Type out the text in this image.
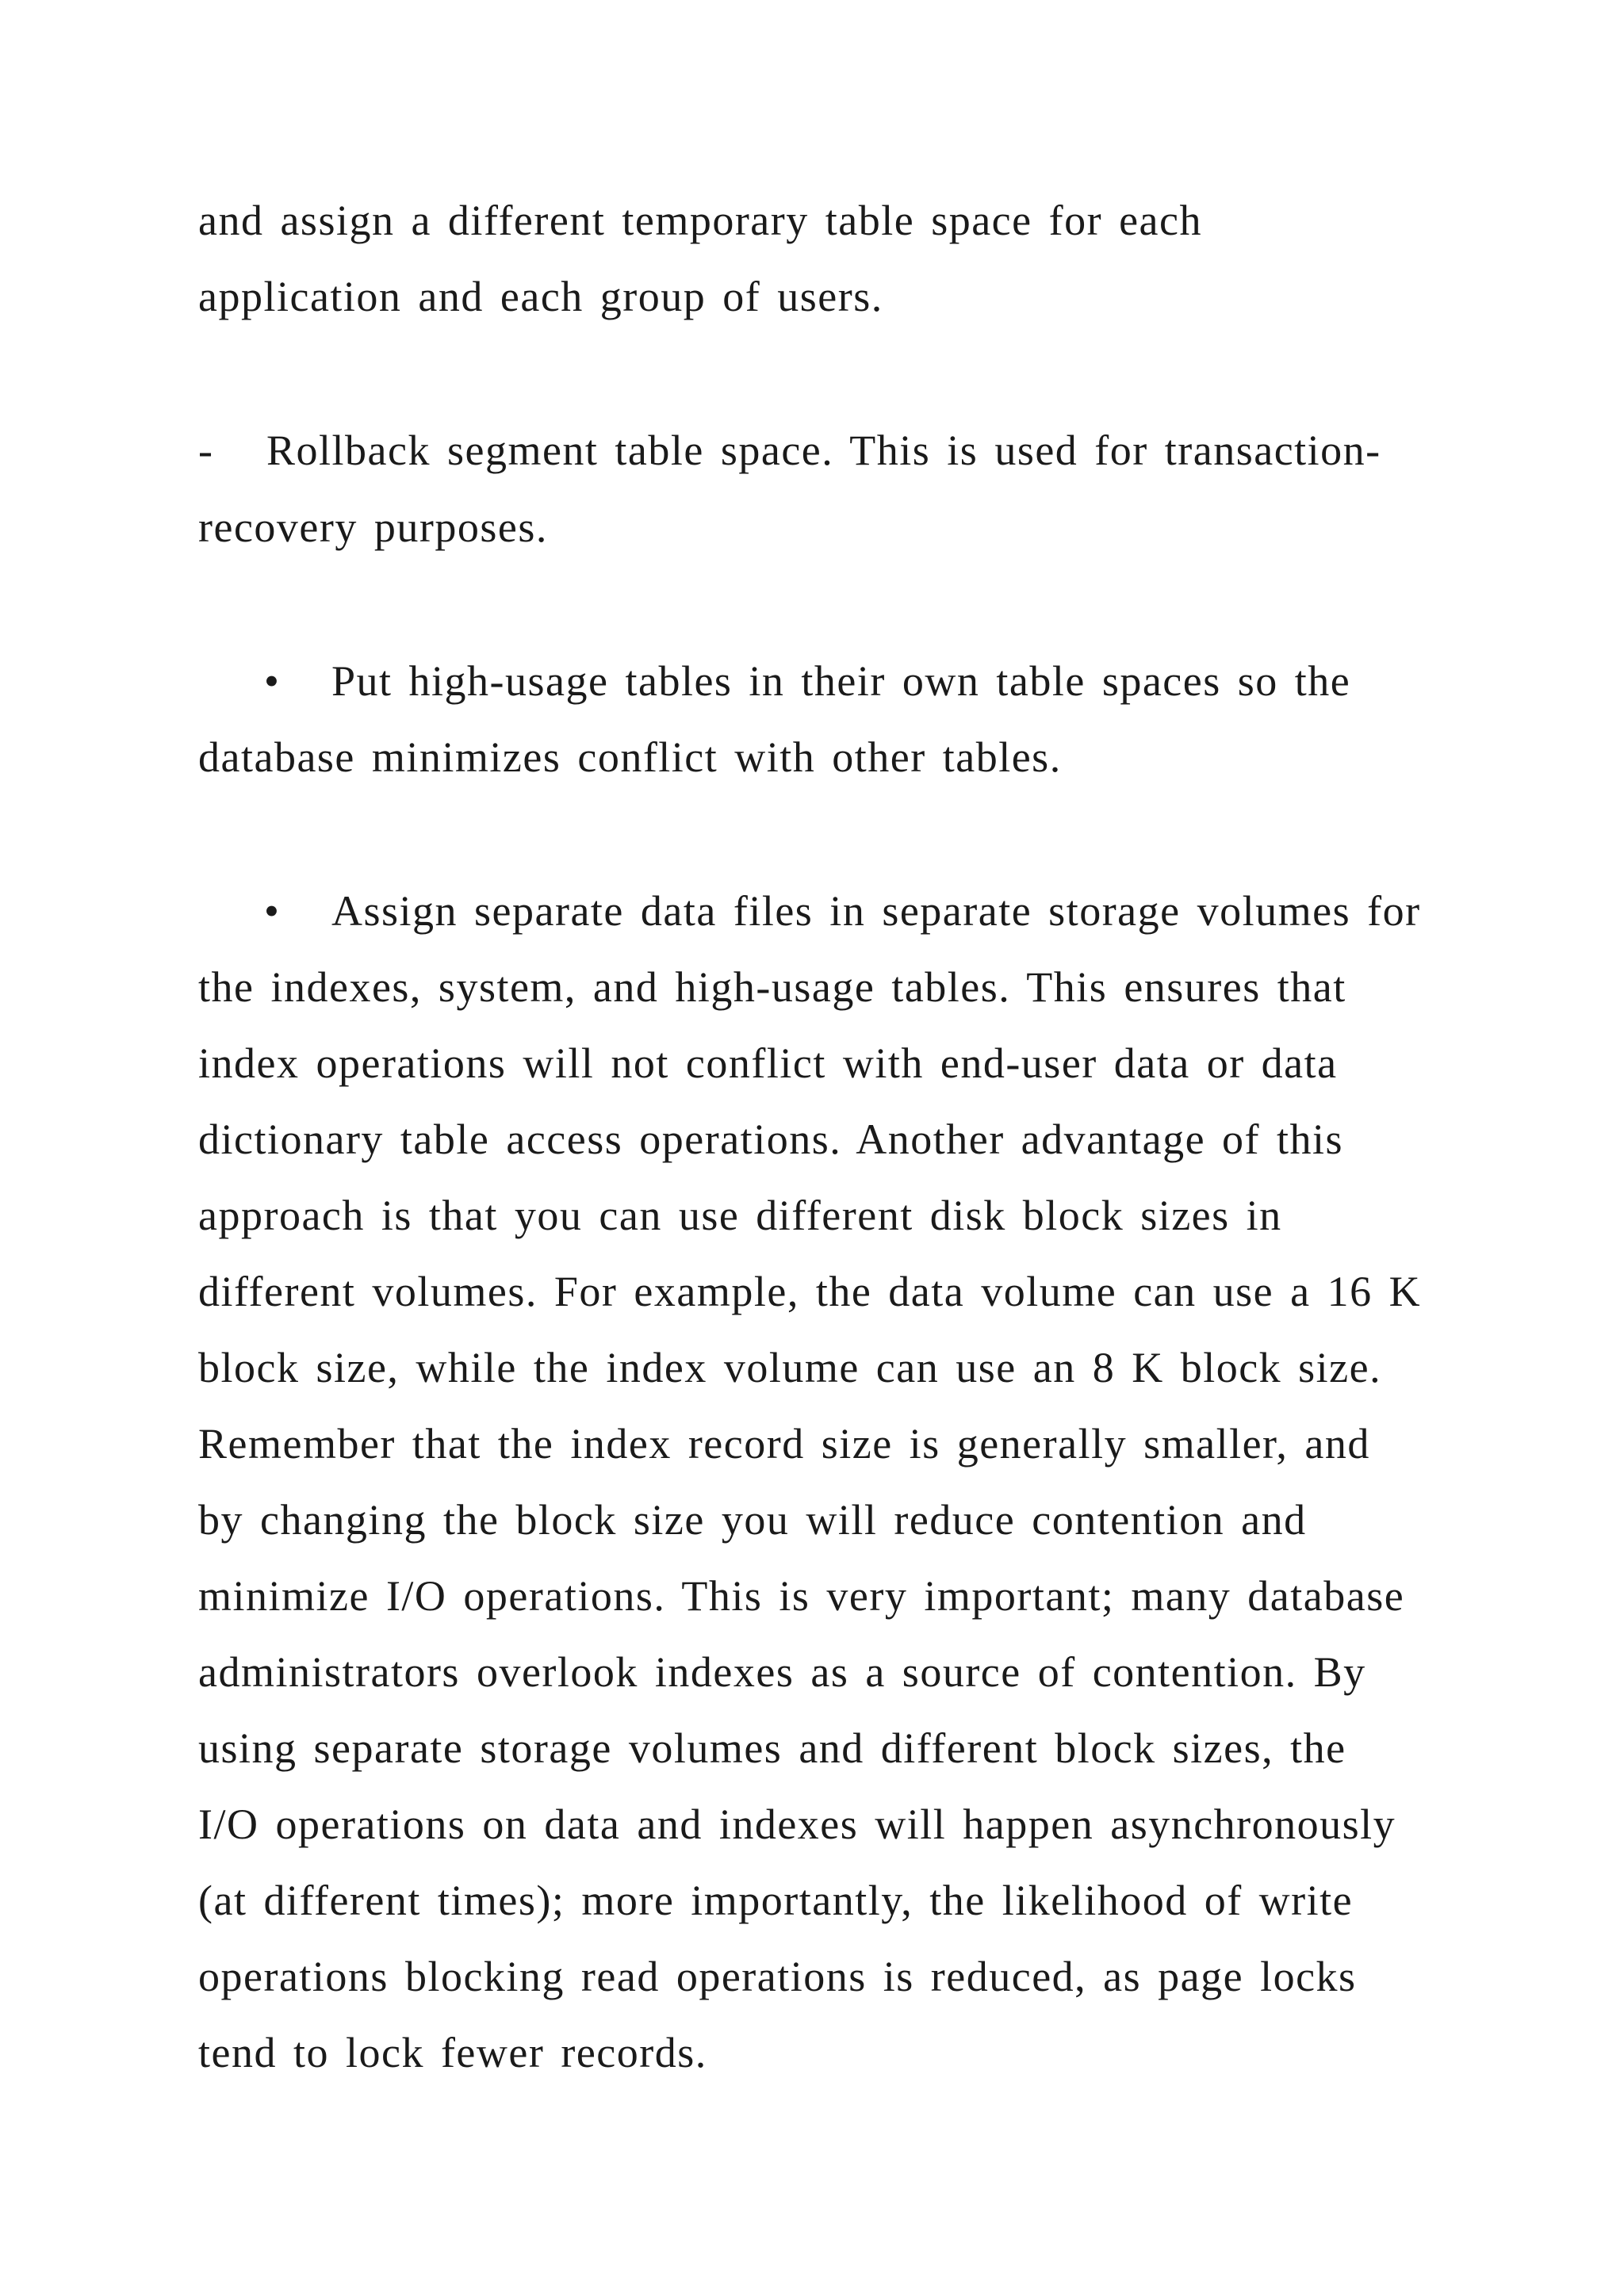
and assign a different temporary table space for each
application and each group of users.
- Rollback segment table space. This is used for transaction-
recovery purposes.
• Put high-usage tables in their own table spaces so the
database minimizes conflict with other tables.
• Assign separate data files in separate storage volumes for
the indexes, system, and high-usage tables. This ensures that
index operations will not conflict with end-user data or data
dictionary table access operations. Another advantage of this
approach is that you can use different disk block sizes in
different volumes. For example, the data volume can use a 16 K
block size, while the index volume can use an 8 K block size.
Remember that the index record size is generally smaller, and
by changing the block size you will reduce contention and
minimize I/O operations. This is very important; many database
administrators overlook indexes as a source of contention. By
using separate storage volumes and different block sizes, the
I/O operations on data and indexes will happen asynchronously
(at different times); more importantly, the likelihood of write
operations blocking read operations is reduced, as page locks
tend to lock fewer records.
